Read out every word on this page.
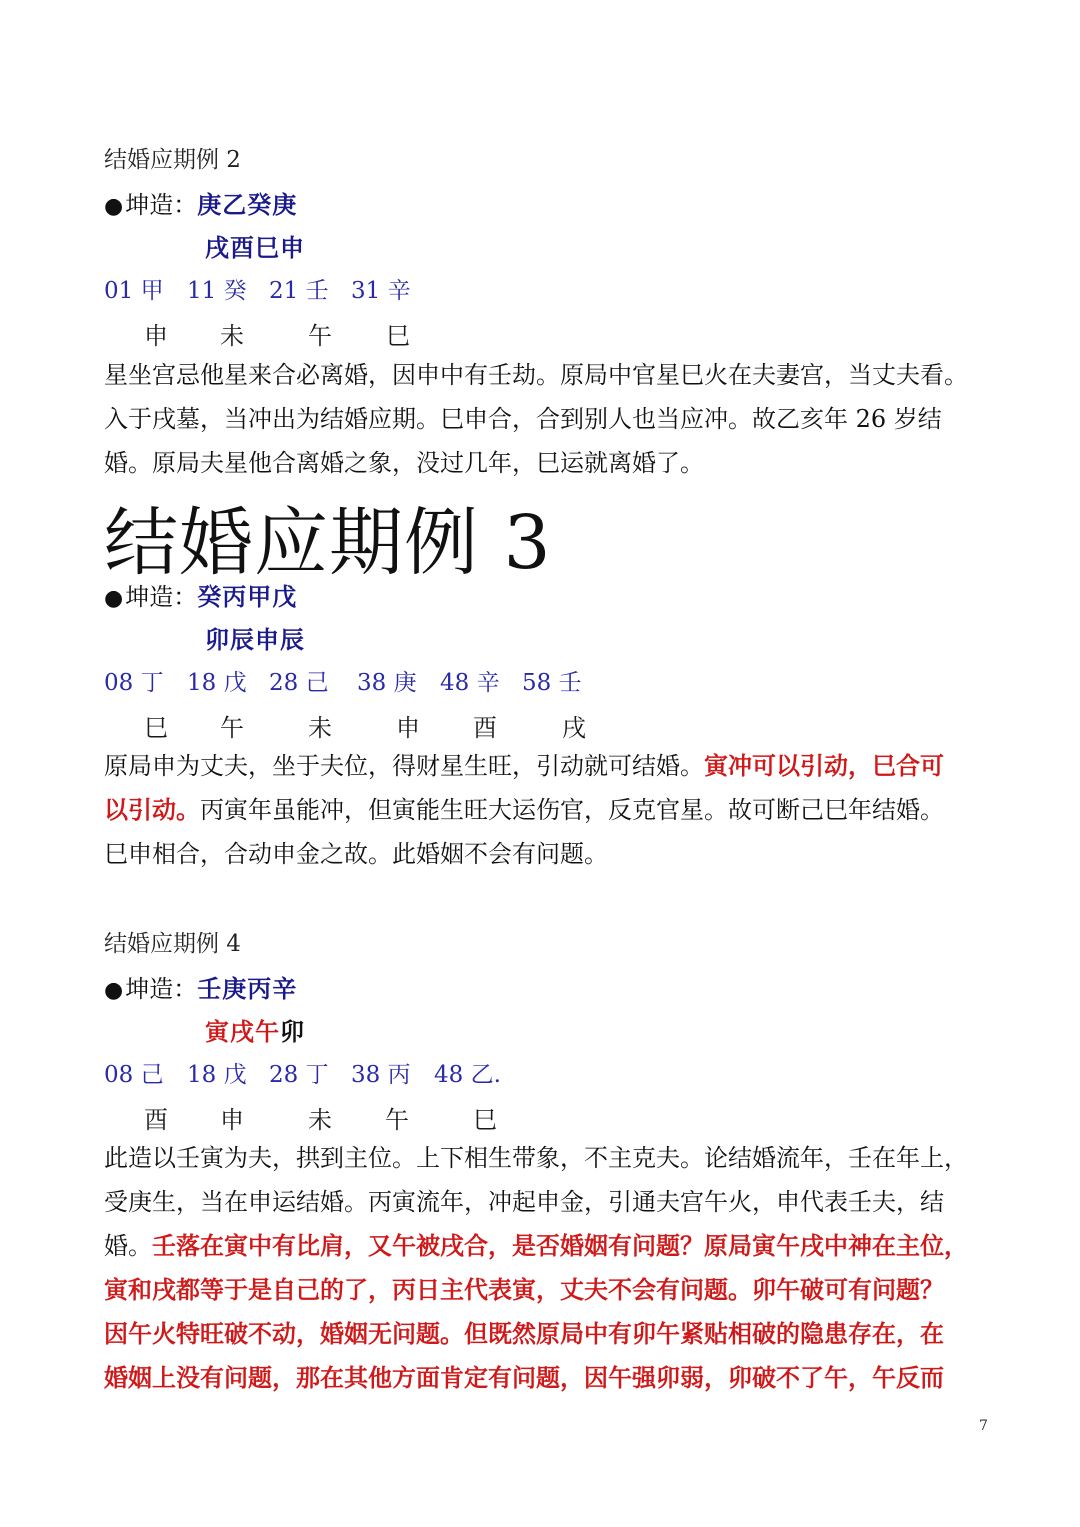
结婚应期例 2
●坤造：庚乙癸庚
戌酉巳申
01 甲 11 癸 21 壬 31 辛
申 未	午 巳
星坐宫忌他星来合必离婚，因申中有壬劫。原局中官星巳火在夫妻宫，当丈夫看。
入于戌墓，当冲出为结婚应期。巳申合，合到别人也当应冲。故乙亥年 26 岁结
婚。原局夫星他合离婚之象，没过几年，巳运就离婚了。
结婚应期例 3
●坤造：癸丙甲戊
卯辰申辰
08 丁 18 戊 28 己 38 庚 48 辛 58 壬
巳 午	未	申 酉	戌
原局申为丈夫，坐于夫位，得财星生旺，引动就可结婚。寅冲可以引动，巳合可
以引动。丙寅年虽能冲，但寅能生旺大运伤官，反克官星。故可断己巳年结婚。
巳申相合，合动申金之故。此婚姻不会有问题。
结婚应期例 4
●坤造：壬庚丙辛
寅戌午卯
08 己 18 戊 28 丁 38 丙 48 乙.
酉 申	未 午	巳
此造以壬寅为夫，拱到主位。上下相生带象，不主克夫。论结婚流年，壬在年上，
受庚生，当在申运结婚。丙寅流年，冲起申金，引通夫宫午火，申代表壬夫，结
婚。壬落在寅中有比肩，又午被戌合，是否婚姻有问题？原局寅午戌中神在主位，
寅和戌都等于是自己的了，丙日主代表寅，丈夫不会有问题。卯午破可有问题？
因午火特旺破不动，婚姻无问题。但既然原局中有卯午紧贴相破的隐患存在，在
婚姻上没有问题，那在其他方面肯定有问题，因午强卯弱，卯破不了午，午反而
7
